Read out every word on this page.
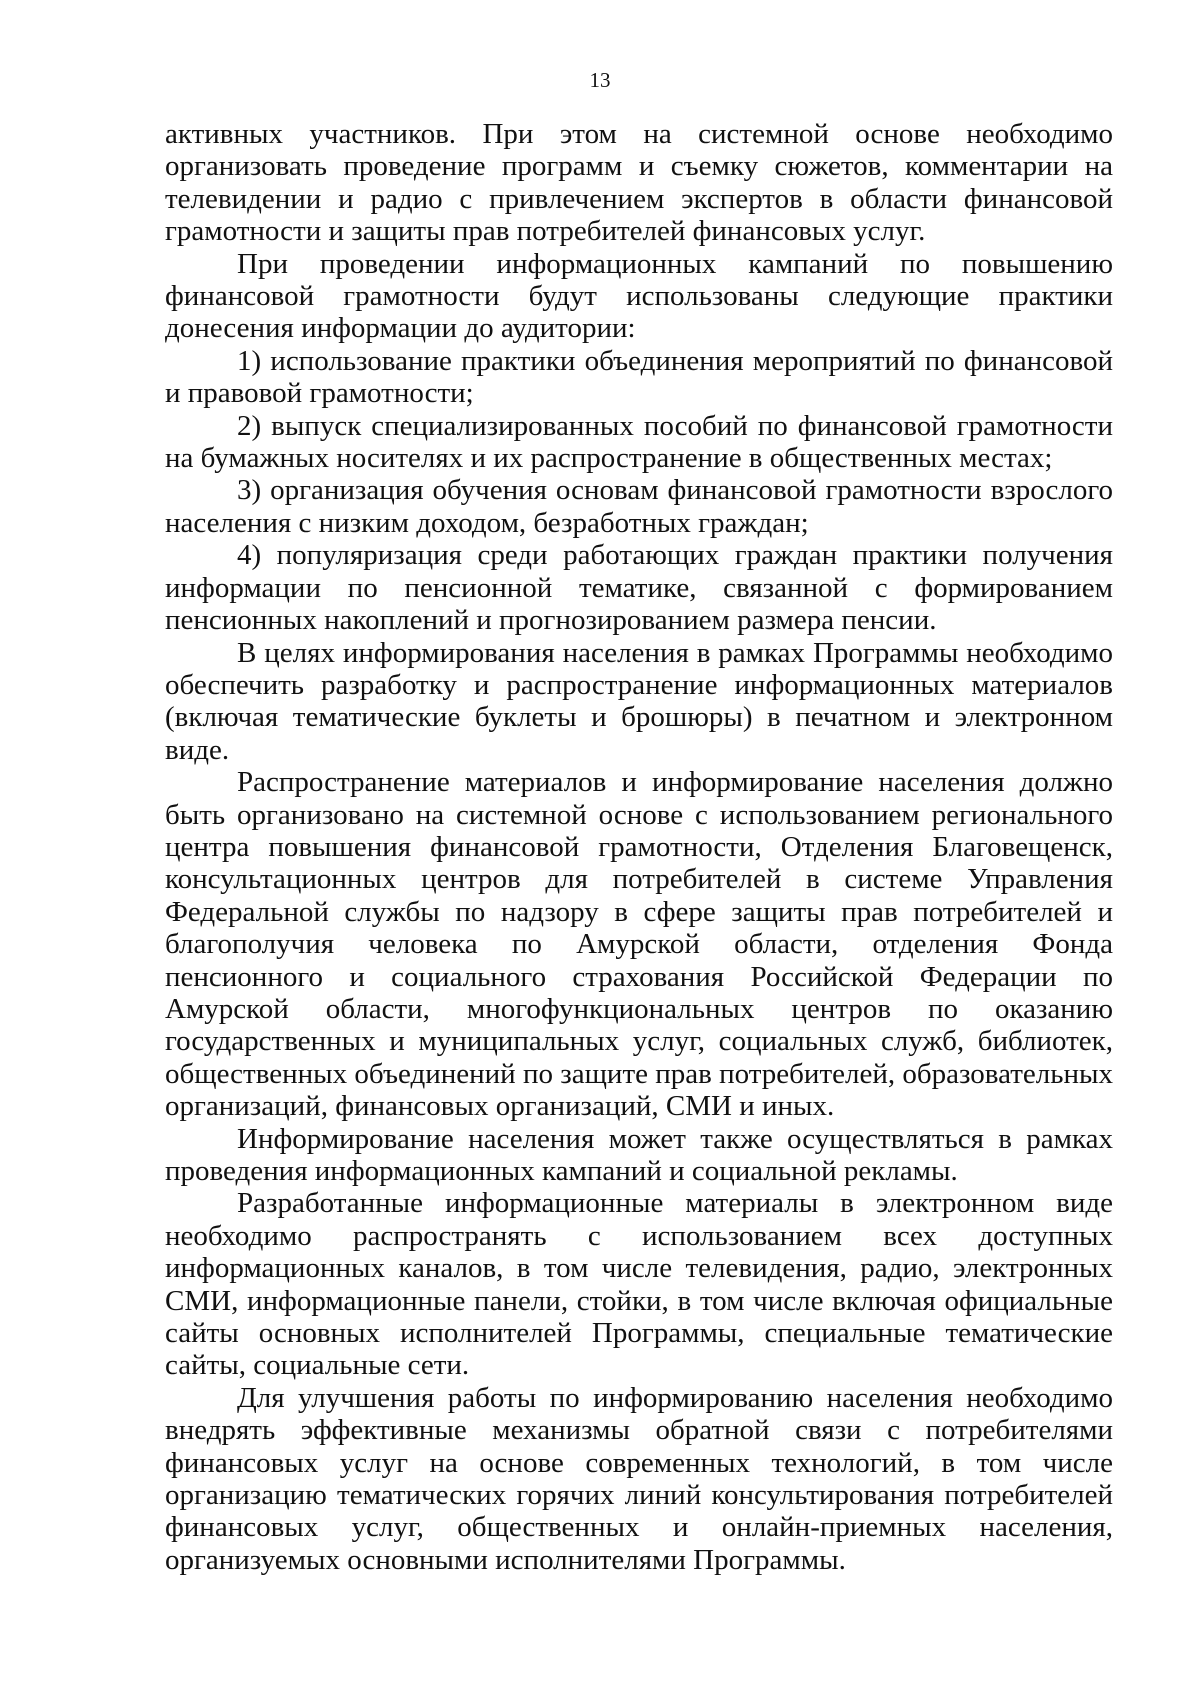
13

активных участников. При этом на системной основе необходимо организовать проведение программ и съемку сюжетов, комментарии на телевидении и радио с привлечением экспертов в области финансовой грамотности и защиты прав потребителей финансовых услуг.

При проведении информационных кампаний по повышению финансовой грамотности будут использованы следующие практики донесения информации до аудитории:

1) использование практики объединения мероприятий по финансовой и правовой грамотности;

2) выпуск специализированных пособий по финансовой грамотности на бумажных носителях и их распространение в общественных местах;

3) организация обучения основам финансовой грамотности взрослого населения с низким доходом, безработных граждан;

4) популяризация среди работающих граждан практики получения информации по пенсионной тематике, связанной с формированием пенсионных накоплений и прогнозированием размера пенсии.

В целях информирования населения в рамках Программы необходимо обеспечить разработку и распространение информационных материалов (включая тематические буклеты и брошюры) в печатном и электронном виде.

Распространение материалов и информирование населения должно быть организовано на системной основе с использованием регионального центра повышения финансовой грамотности, Отделения Благовещенск, консультационных центров для потребителей в системе Управления Федеральной службы по надзору в сфере защиты прав потребителей и благополучия человека по Амурской области, отделения Фонда пенсионного и социального страхования Российской Федерации по Амурской области, многофункциональных центров по оказанию государственных и муниципальных услуг, социальных служб, библиотек, общественных объединений по защите прав потребителей, образовательных организаций, финансовых организаций, СМИ и иных.

Информирование населения может также осуществляться в рамках проведения информационных кампаний и социальной рекламы.

Разработанные информационные материалы в электронном виде необходимо распространять с использованием всех доступных информационных каналов, в том числе телевидения, радио, электронных СМИ, информационные панели, стойки, в том числе включая официальные сайты основных исполнителей Программы, специальные тематические сайты, социальные сети.

Для улучшения работы по информированию населения необходимо внедрять эффективные механизмы обратной связи с потребителями финансовых услуг на основе современных технологий, в том числе организацию тематических горячих линий консультирования потребителей финансовых услуг, общественных и онлайн-приемных населения, организуемых основными исполнителями Программы.
